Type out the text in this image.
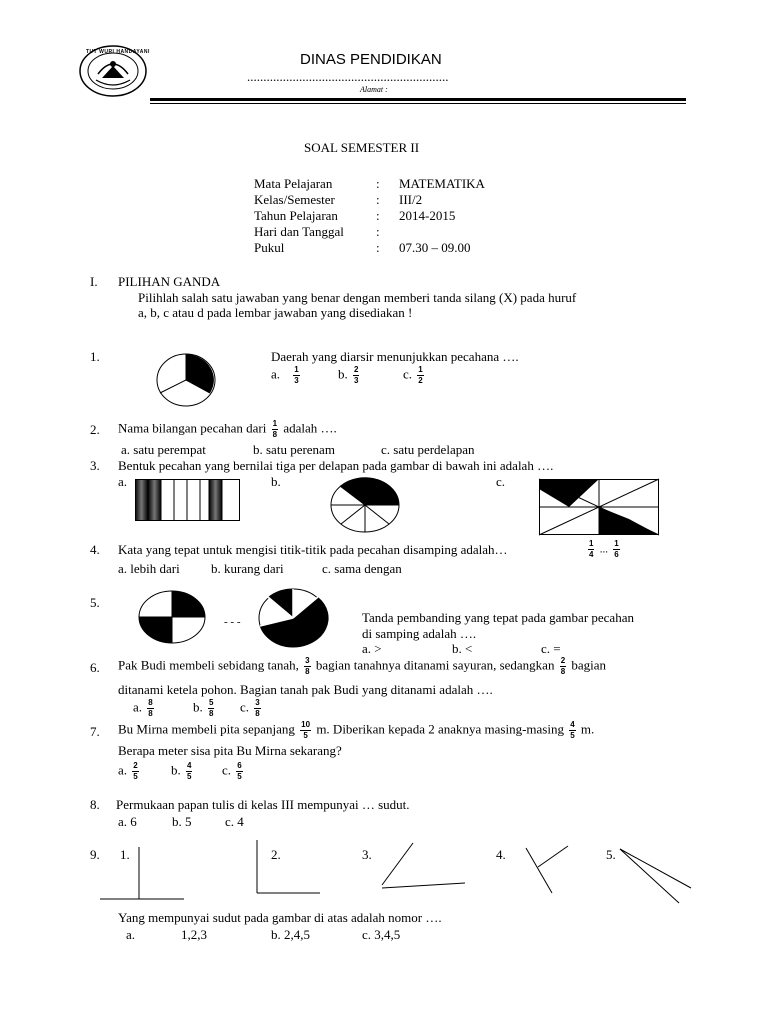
TUT WURI HANDAYANI	DINAS PENDIDIKAN
..............................................................
Alamat :
SOAL SEMESTER II
Mata Pelajaran	: MATEMATIKA
Kelas/Semester	: III/2
Tahun Pelajaran	: 2014-2015
Hari dan Tanggal :
Pukul	: 07.30 – 09.00
I. PILIHAN GANDA
Pilihlah salah satu jawaban yang benar dengan memberi tanda silang (X) pada huruf
a, b, c atau d pada lembar jawaban yang disediakan !
1.	Daerah yang diarsir menunjukkan pecahana ….
a. $\frac{1}{3}$	b. $\frac{2}{3}$	c. $\frac{1}{2}$
2. Nama bilangan pecahan dari $\frac{1}{8}$ adalah ….
a. satu perempat	b. satu perenam	c. satu perdelapan
3. Bentuk pecahan yang bernilai tiga per delapan pada gambar di bawah ini adalah ….
a.	b.	c.
4. Kata yang tepat untuk mengisi titik-titik pada pecahan disamping adalah…	$\frac{1}{4}$ ... $\frac{1}{6}$
a. lebih dari b. kurang dari	c. sama dengan
5.
- - -	Tanda pembanding yang tepat pada gambar pecahan
di samping adalah ….
a. >	b. <	c. =
6. Pak Budi membeli sebidang tanah, $\frac{3}{8}$ bagian tanahnya ditanami sayuran, sedangkan $\frac{2}{8}$ bagian
ditanami ketela pohon. Bagian tanah pak Budi yang ditanami adalah ….
a. $\frac{8}{8}$	b. $\frac{5}{8} c$. $\frac{3}{8}$
7. Bu Mirna membeli pita sepanjang $\frac{10}{5} m$. Diberikan kepada 2 anaknya $masing-masing \frac{4}{5} m$.
Berapa meter sisa pita Bu Mirna sekarang?
a. $\frac{2}{5} b$. $\frac{4}{5} c$. $\frac{6}{5}$
8. Permukaan papan tulis di kelas III mempunyai … sudut.
a. 6	b. 5	c. 4
9. 1.	2.	3.	4.	5.
Yang mempunyai sudut pada gambar di atas adalah nomor ….
a.	1,2,3	b. 2,4,5	c. 3,4,5
